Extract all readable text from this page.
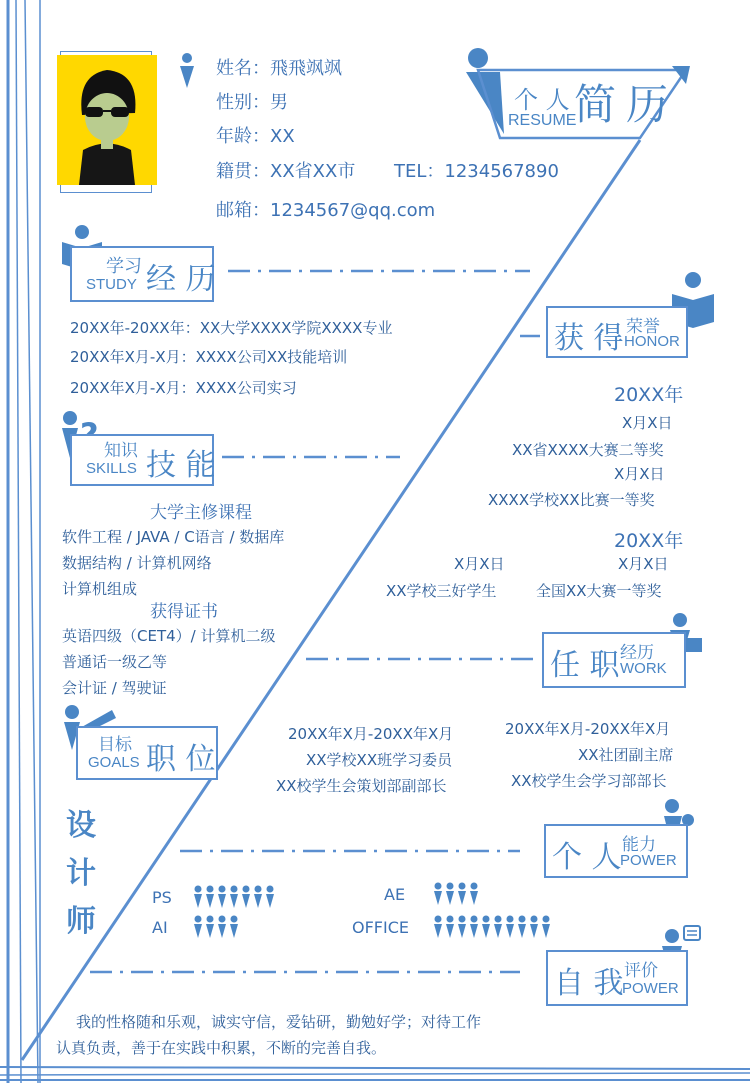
姓名：飛飛飒飒
性别：男
年龄：XX
籍贯：XX省XX市 TEL：1234567890
邮箱：1234567@qq.com
个 人
RESUME
简 历
学习 经 历
STUDY
20XX年-20XX年：XX大学XXXX学院XXXX专业
20XX年X月-X月：XXXX公司XX技能培训
20XX年X月-X月：XXXX公司实习
获 得 荣誉
HONOR
20XX年
X月X日
XX省XXXX大赛二等奖
X月X日
XXXX学校XX比赛一等奖
20XX年
X月X日
XX学校三好学生
X月X日
全国XX大赛一等奖
知识 技 能
SKILLS
大学主修课程
软件工程 / JAVA / C语言 / 数据库
数据结构 / 计算机网络
计算机组成
获得证书
英语四级（CET4）/ 计算机二级
普通话一级乙等
会计证 / 驾驶证
任 职 经历
WORK
20XX年X月-20XX年X月
XX学校XX班学习委员
XX校学生会策划部副部长
20XX年X月-20XX年X月
XX社团副主席
XX校学生会学习部部长
目标 职 位
GOALS
设
计
师
个 人 能力
POWER
PS
AI
AE
OFFICE
自 我 评价
POWER
我的性格随和乐观，诚实守信，爱钻研，勤勉好学；对待工作
认真负责，善于在实践中积累，不断的完善自我。
